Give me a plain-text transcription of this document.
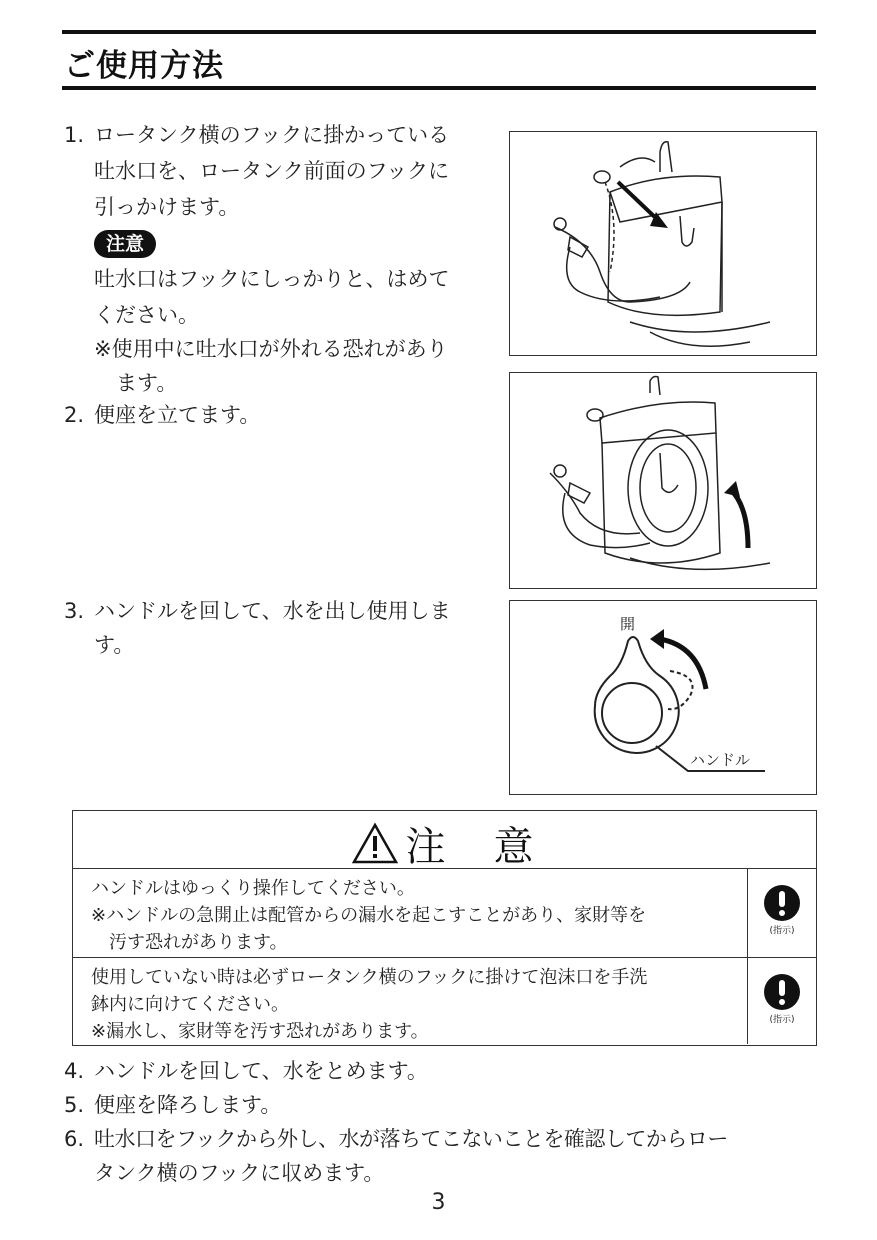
ご使用方法
1. ロータンク横のフックに掛かっている
吐水口を、ロータンク前面のフックに
引っかけます。
注意
吐水口はフックにしっかりと、はめて
ください。
※使用中に吐水口が外れる恐れがあり
ます。
2. 便座を立てます。
3. ハンドルを回して、水を出し使用しま
す。
開
ハンドル
注　意
ハンドルはゆっくり操作してください。
※ハンドルの急開止は配管からの漏水を起こすことがあり、家財等を
　汚す恐れがあります。
(指示)
使用していない時は必ずロータンク横のフックに掛けて泡沫口を手洗
鉢内に向けてください。
※漏水し、家財等を汚す恐れがあります。
(指示)
4. ハンドルを回して、水をとめます。
5. 便座を降ろします。
6. 吐水口をフックから外し、水が落ちてこないことを確認してからロー
タンク横のフックに収めます。
3
